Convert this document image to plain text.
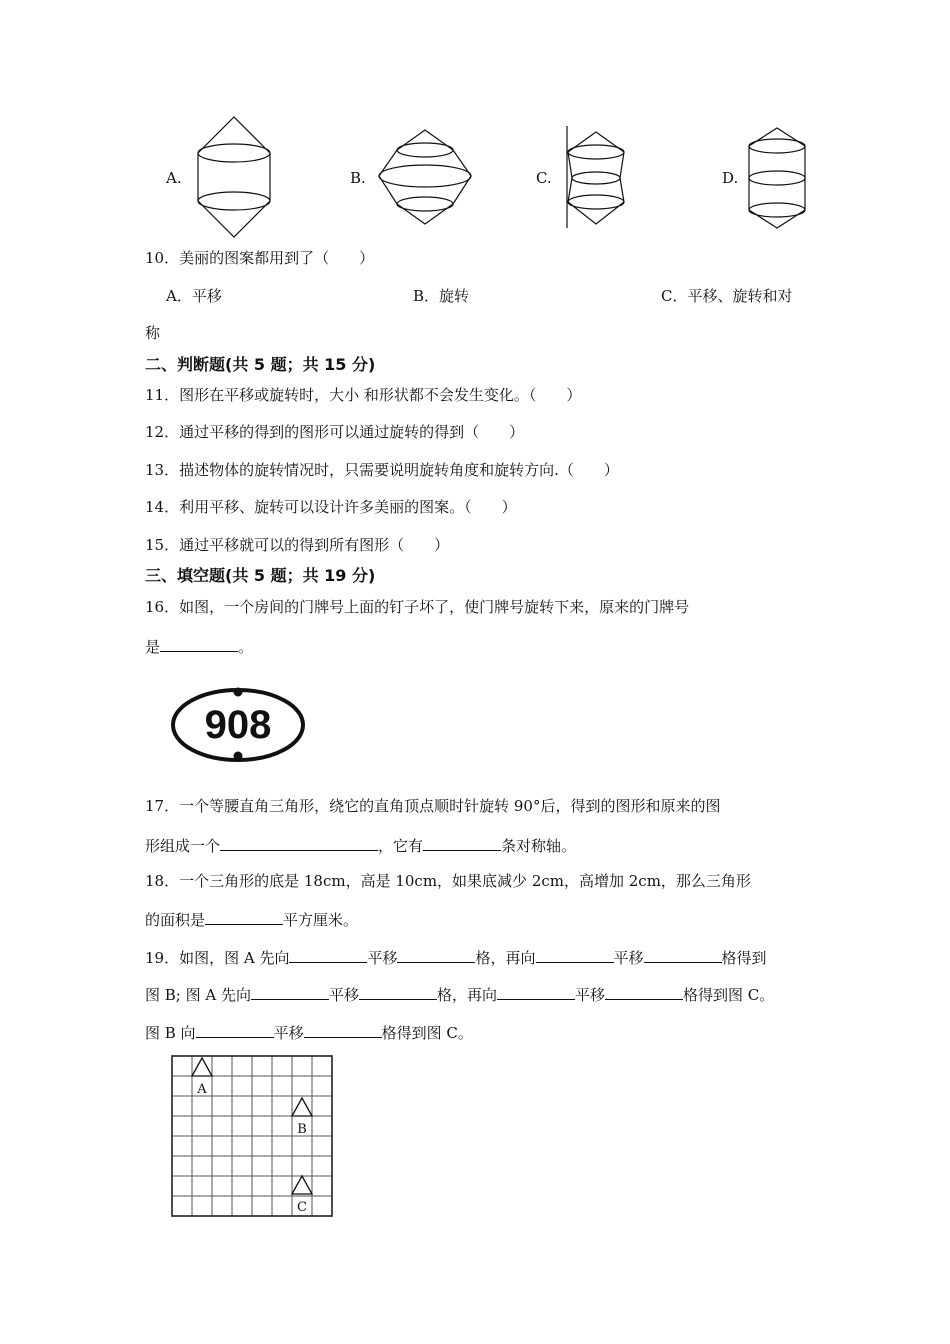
A.	B.	C.	D.
10．美丽的图案都用到了（　　）
A．平移	B．旋转	C．平移、旋转和对
称
二、判断题(共 5 题；共 15 分)
11．图形在平移或旋转时，大小 和形状都不会发生变化。（　　）
12．通过平移的得到的图形可以通过旋转的得到（　　）
13．描述物体的旋转情况时，只需要说明旋转角度和旋转方向.（　　）
14．利用平移、旋转可以设计许多美丽的图案。（　　）
15．通过平移就可以的得到所有图形（　　）
三、填空题(共 5 题；共 19 分)
16．如图，一个房间的门牌号上面的钉子坏了，使门牌号旋转下来，原来的门牌号
是	。
908
17．一个等腰直角三角形，绕它的直角顶点顺时针旋转 90°后，得到的图形和原来的图
形组成一个	，它有	条对称轴。
18．一个三角形的底是 18cm，高是 10cm，如果底减少 2cm，高增加 2cm，那么三角形
的面积是	平方厘米。
19．如图，图 A 先向	平移	格，再向	平移	格得到
图 B; 图 A 先向	平移	格，再向	平移	格得到图 C。
图 B 向	平移	格得到图 C。
A
B
C
